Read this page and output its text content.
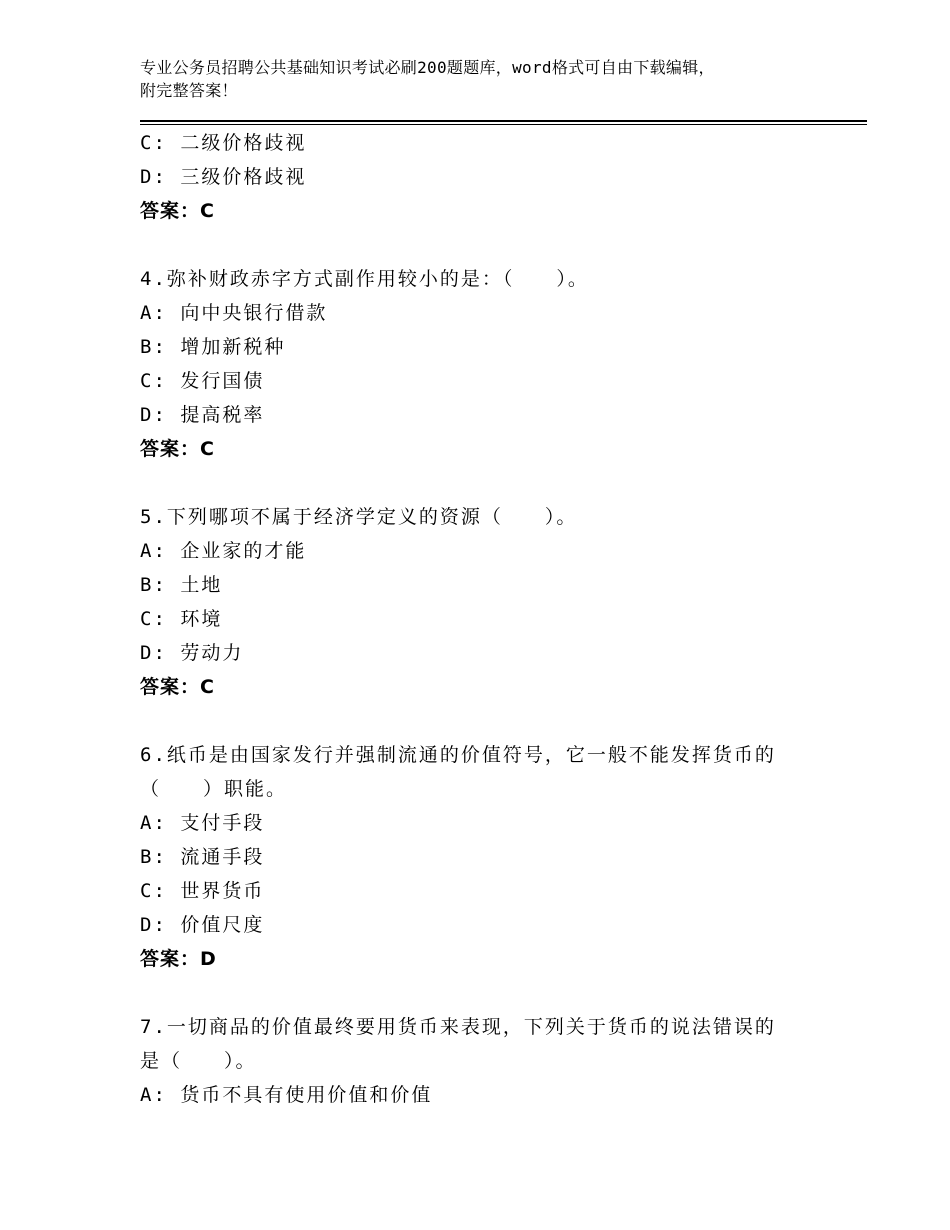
专业公务员招聘公共基础知识考试必刷200题题库，word格式可自由下载编辑，
附完整答案！
C: 二级价格歧视
D: 三级价格歧视
答案：C
4.弥补财政赤字方式副作用较小的是：（　　）。
A: 向中央银行借款
B: 增加新税种
C: 发行国债
D: 提高税率
答案：C
5.下列哪项不属于经济学定义的资源（　　）。
A: 企业家的才能
B: 土地
C: 环境
D: 劳动力
答案：C
6.纸币是由国家发行并强制流通的价值符号，它一般不能发挥货币的
（　　）职能。
A: 支付手段
B: 流通手段
C: 世界货币
D: 价值尺度
答案：D
7.一切商品的价值最终要用货币来表现，下列关于货币的说法错误的
是（　　）。
A: 货币不具有使用价值和价值
